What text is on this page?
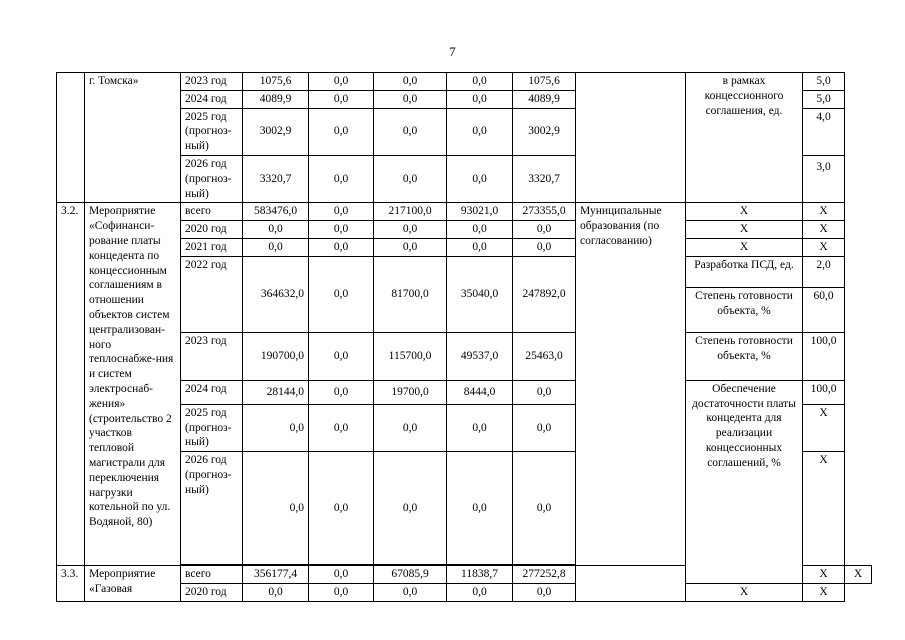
7
	г. Томска»	2023 год	1075,6	0,0	0,0	0,0	1075,6		в рамках концессионного соглашения, ед.	5,0	
		2024 год	4089,9	0,0	0,0	0,0	4089,9			5,0	
		2025 год (прогноз-ный)	3002,9	0,0	0,0	0,0	3002,9			4,0	
		2026 год (прогноз-ный)	3320,7	0,0	0,0	0,0	3320,7			3,0	
3.2.	Мероприятие «Софинанси-рование платы концедента по концессионным соглашениям в отношении объектов систем централизован-ного теплоснабже-ния и систем электроснаб-жения» (строительство 2 участков тепловой магистрали для переключения нагрузки котельной по ул. Водяной, 80)	всего	583476,0	0,0	217100,0	93021,0	273355,0	Муниципальные образования (по согласованию)	Х	Х	
		2020 год	0,0	0,0	0,0	0,0	0,0		Х	Х	
		2021 год	0,0	0,0	0,0	0,0	0,0		Х	Х	
		2022 год	364632,0	0,0	81700,0	35040,0	247892,0		Разработка ПСД, ед.	2,0	
									Степень готовности объекта, %	60,0	
		2023 год	190700,0	0,0	115700,0	49537,0	25463,0		Степень готовности объекта, %	100,0	
		2024 год	28144,0	0,0	19700,0	8444,0	0,0		Обеспечение достаточности платы концедента для реализации концессионных соглашений, %	100,0	
		2025 год (прогноз-ный)	0,0	0,0	0,0	0,0	0,0			Х	
		2026 год (прогноз-ный)	0,0	0,0	0,0	0,0	0,0			Х	

3.3.	Мероприятие «Газовая	всего	356177,4	0,0	67085,9	11838,7	277252,8			Х	Х
		2020 год	0,0	0,0	0,0	0,0	0,0		Х	Х	
